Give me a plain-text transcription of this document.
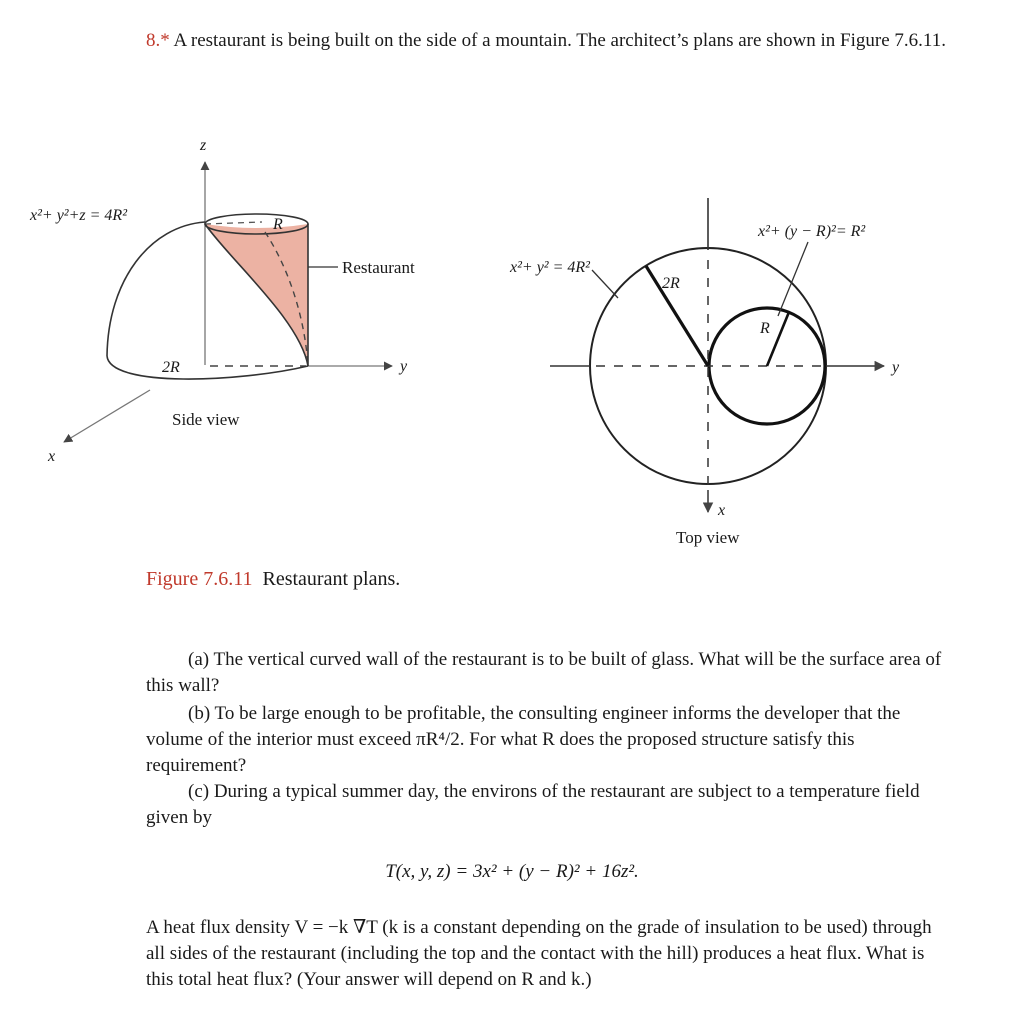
8.* A restaurant is being built on the side of a mountain. The architect’s plans are shown in Figure 7.6.11.
z
y
x
x²+ y²+z = 4R²
R
2R
Restaurant
Side view
x²+ y² = 4R²
x²+ (y − R)²= R²
2R
R
y
x
Top view
Figure 7.6.11 Restaurant plans.
(a) The vertical curved wall of the restaurant is to be built of glass. What will be the surface area of this wall?
(b) To be large enough to be profitable, the consulting engineer informs the developer that the volume of the interior must exceed πR⁴/2. For what R does the proposed structure satisfy this requirement?
(c) During a typical summer day, the environs of the restaurant are subject to a temperature field given by
T(x, y, z) = 3x² + (y − R)² + 16z².
A heat flux density V = −k ∇T (k is a constant depending on the grade of insulation to be used) through all sides of the restaurant (including the top and the contact with the hill) produces a heat flux. What is this total heat flux? (Your answer will depend on R and k.)
